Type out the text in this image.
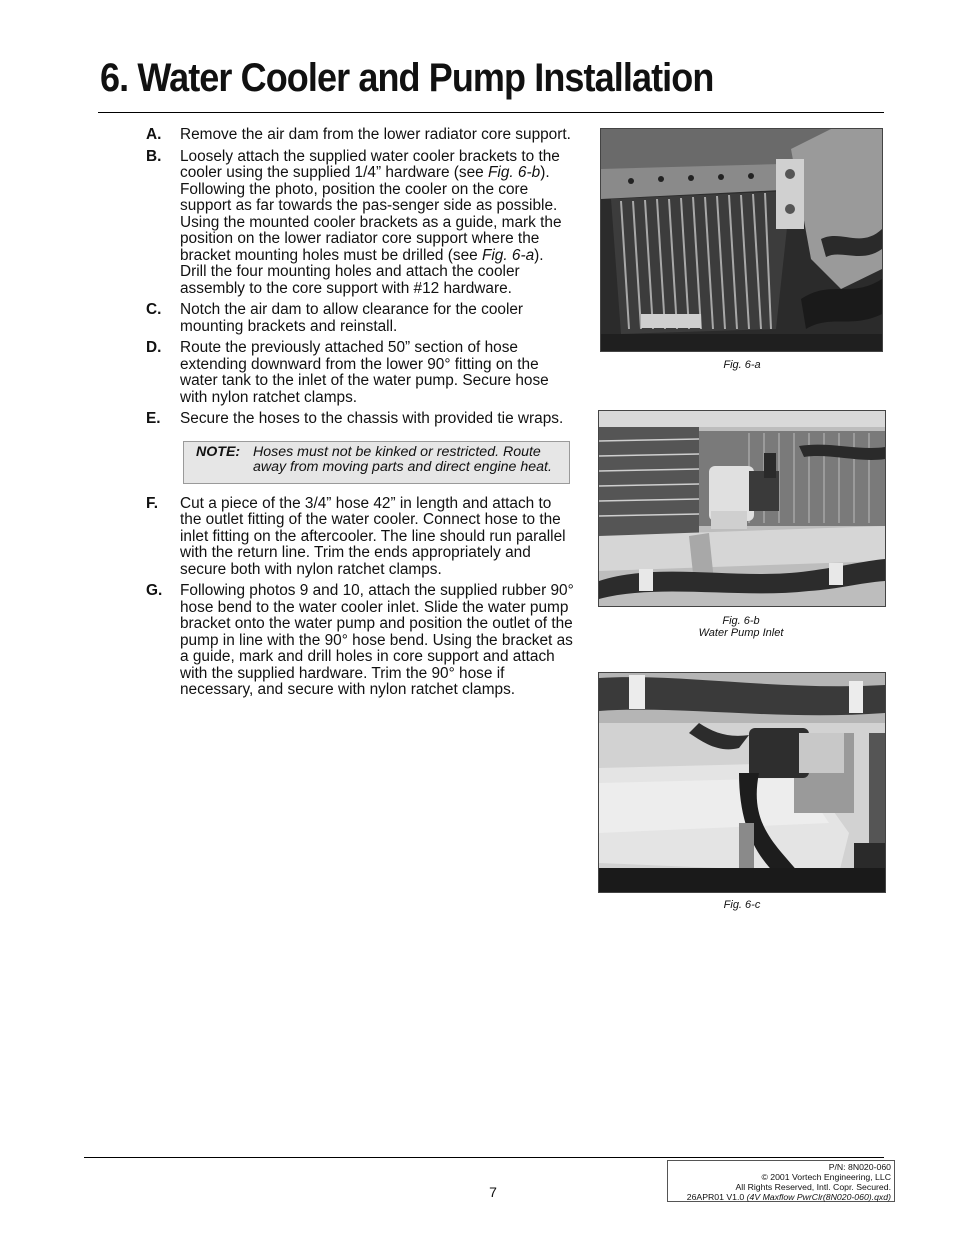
6. Water Cooler and Pump Installation
A.	Remove the air dam from the lower radiator core support.
B.	Loosely attach the supplied water cooler brackets to the cooler using the supplied 1/4” hardware (see Fig. 6-b). Following the photo, position the cooler on the core support as far towards the pas-senger side as possible. Using the mounted cooler brackets as a guide, mark the position on the lower radiator core support where the bracket mounting holes must be drilled (see Fig. 6-a). Drill the four mounting holes and attach the cooler assembly to the core support with #12 hardware.
C.	Notch the air dam to allow clearance for the cooler mounting brackets and reinstall.
D.	Route the previously attached 50” section of hose extending downward from the lower 90° fitting on the water tank to the inlet of the water pump. Secure hose with nylon ratchet clamps.
E.	Secure the hoses to the chassis with provided tie wraps.
NOTE: Hoses must not be kinked or restricted. Route away from moving parts and direct engine heat.
F.	Cut a piece of the 3/4” hose 42” in length and attach to the outlet fitting of the water cooler. Connect hose to the inlet fitting on the aftercooler. The line should run parallel with the return line. Trim the ends appropriately and secure both with nylon ratchet clamps.
G.	Following photos 9 and 10, attach the supplied rubber 90° hose bend to the water cooler inlet. Slide the water pump bracket onto the water pump and position the outlet of the pump in line with the 90° hose bend. Using the bracket as a guide, mark and drill holes in core support and attach with the supplied hardware. Trim the 90° hose if necessary, and secure with nylon ratchet clamps.
Fig. 6-a
Fig. 6-b
Water Pump Inlet
Fig. 6-c
7
P/N: 8N020-060
© 2001 Vortech Engineering, LLC
All Rights Reserved, Intl. Copr. Secured.
26APR01 V1.0 (4V Maxflow PwrClr(8N020-060).qxd)
